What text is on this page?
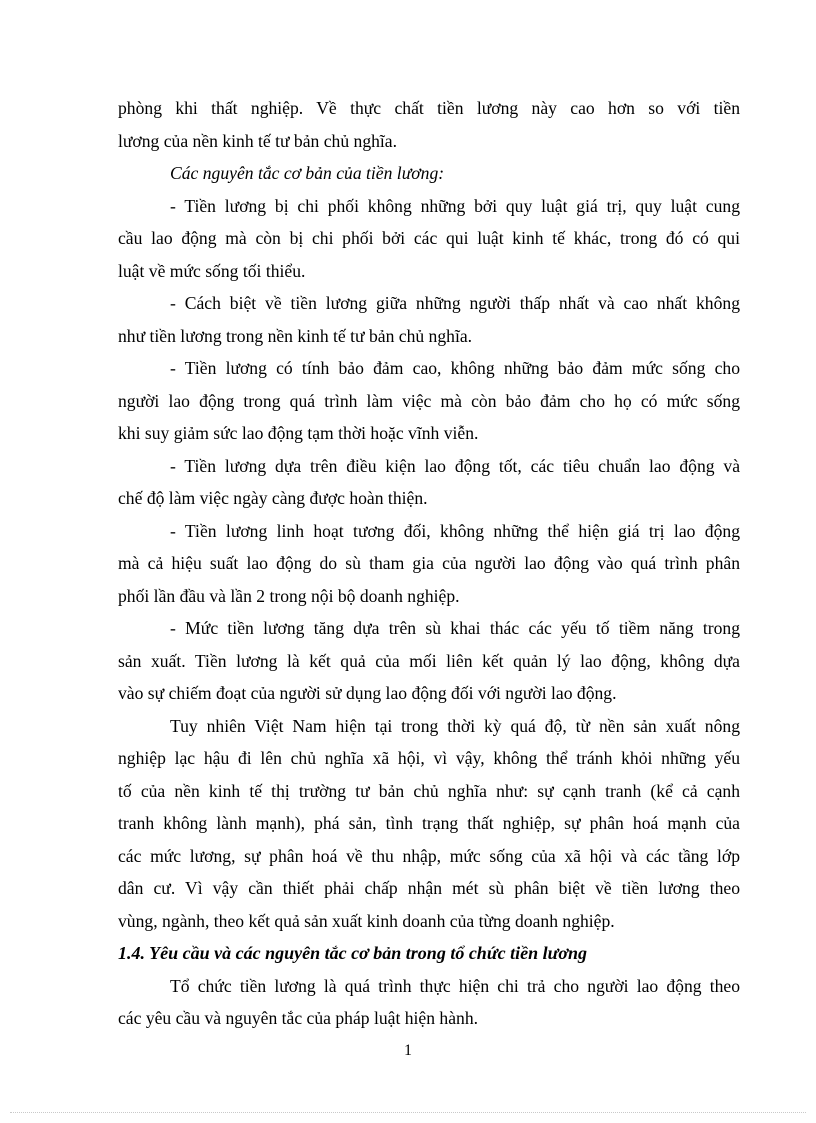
phòng khi thất nghiệp. Về thực chất tiền lương này cao hơn so với tiền
lương của nền kinh tế tư bản chủ nghĩa.
Các nguyên tắc cơ bản của tiền lương:
- Tiền lương bị chi phối không những bởi quy luật giá trị, quy luật cung
cầu lao động mà còn bị chi phối bởi các qui luật kinh tế khác, trong đó có qui
luật về mức sống tối thiểu.
- Cách biệt về tiền lương giữa những người thấp nhất và cao nhất không
như tiền lương trong nền kinh tế tư bản chủ nghĩa.
- Tiền lương có tính bảo đảm cao, không những bảo đảm mức sống cho
người lao động trong quá trình làm việc mà còn bảo đảm cho họ có mức sống
khi suy giảm sức lao động tạm thời hoặc vĩnh viễn.
- Tiền lương dựa trên điều kiện lao động tốt, các tiêu chuẩn lao động và
chế độ làm việc ngày càng được hoàn thiện.
- Tiền lương linh hoạt tương đối, không những thể hiện giá trị lao động
mà cả hiệu suất lao động do sù tham gia của người lao động vào quá trình phân
phối lần đầu và lần 2 trong nội bộ doanh nghiệp.
- Mức tiền lương tăng dựa trên sù khai thác các yếu tố tiềm năng trong
sản xuất. Tiền lương là kết quả của mối liên kết quản lý lao động, không dựa
vào sự chiếm đoạt của người sử dụng lao động đối với người lao động.
Tuy nhiên Việt Nam hiện tại trong thời kỳ quá độ, từ nền sản xuất nông
nghiệp lạc hậu đi lên chủ nghĩa xã hội, vì vậy, không thể tránh khỏi những yếu
tố của nền kinh tế thị trường tư bản chủ nghĩa như: sự cạnh tranh (kể cả cạnh
tranh không lành mạnh), phá sản, tình trạng thất nghiệp, sự phân hoá mạnh của
các mức lương, sự phân hoá về thu nhập, mức sống của xã hội và các tầng lớp
dân cư. Vì vậy cần thiết phải chấp nhận mét sù phân biệt về tiền lương theo
vùng, ngành, theo kết quả sản xuất kinh doanh của từng doanh nghiệp.
1.4. Yêu cầu và các nguyên tắc cơ bản trong tổ chức tiền lương
Tổ chức tiền lương là quá trình thực hiện chi trả cho người lao động theo
các yêu cầu và nguyên tắc của pháp luật hiện hành.
1
